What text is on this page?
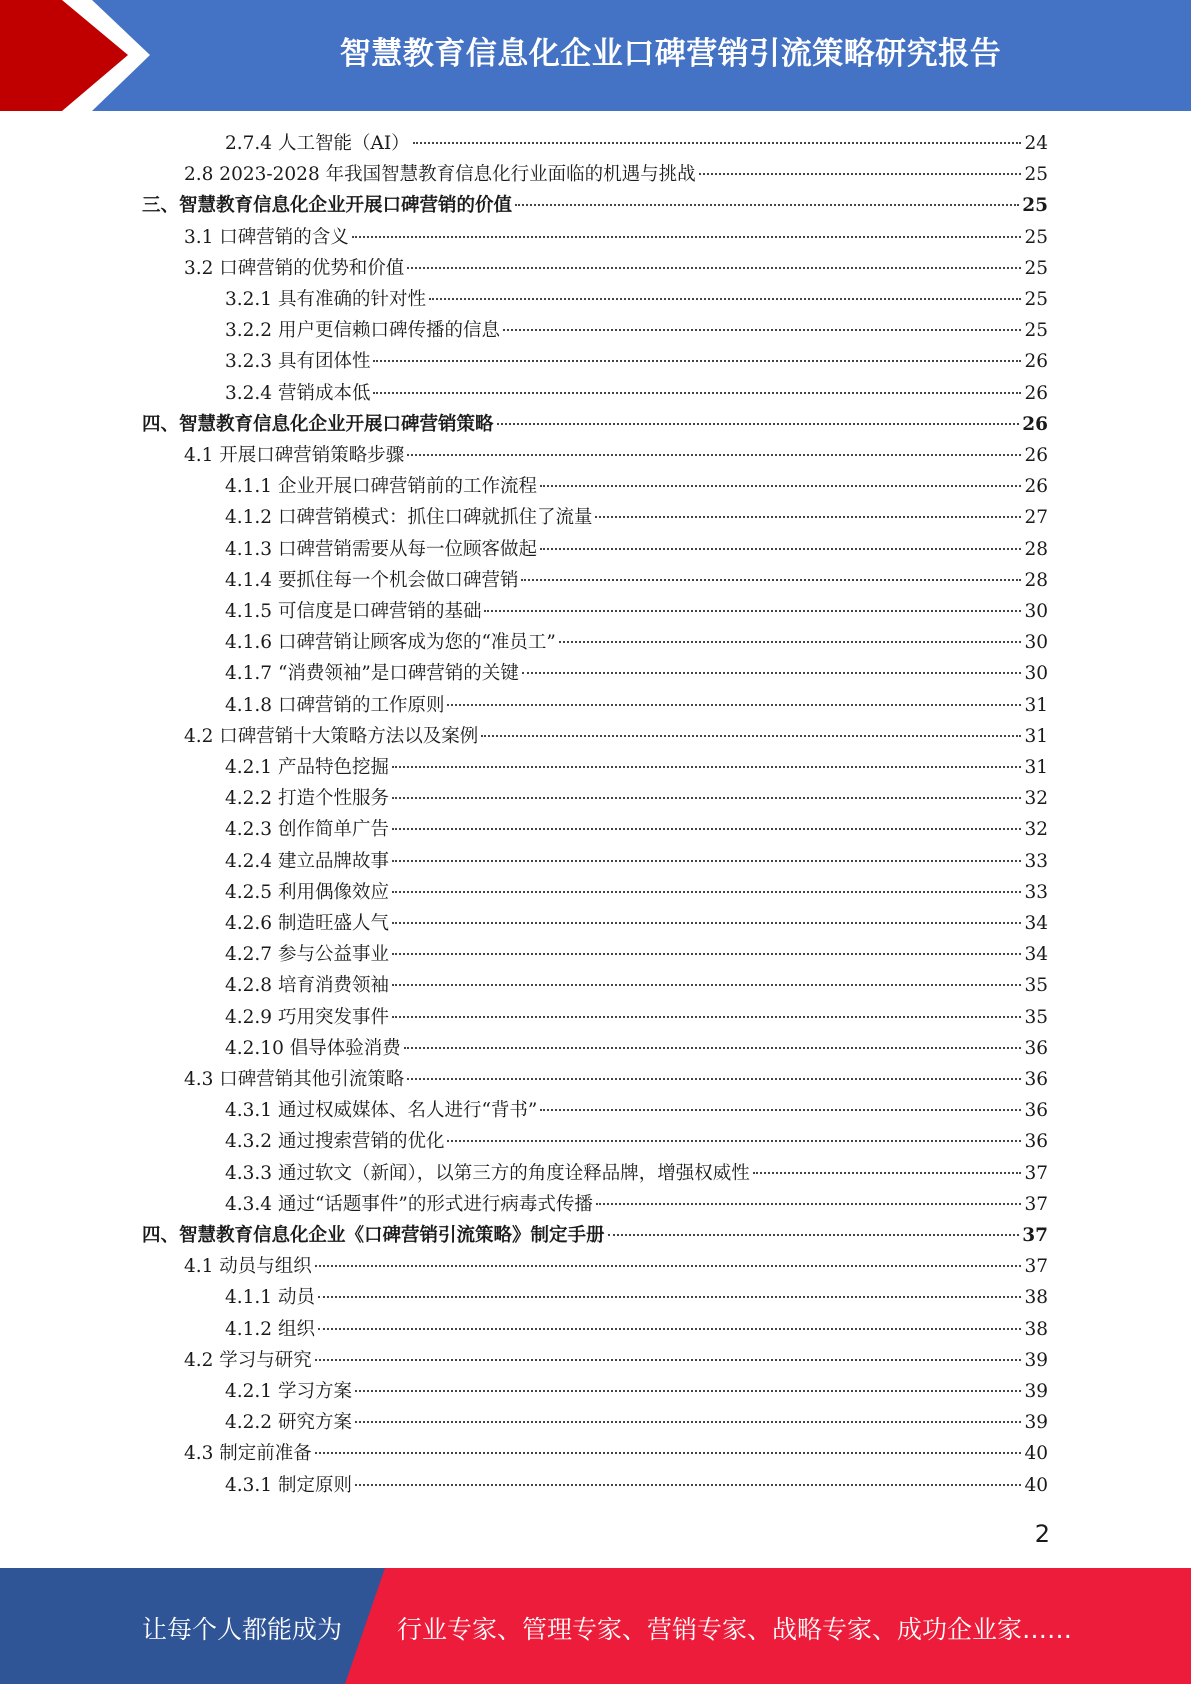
智慧教育信息化企业口碑营销引流策略研究报告
2.7.4 人工智能（AI）	24
2.8 2023-2028 年我国智慧教育信息化行业面临的机遇与挑战	25
三、智慧教育信息化企业开展口碑营销的价值	25
3.1 口碑营销的含义	25
3.2 口碑营销的优势和价值	25
3.2.1 具有准确的针对性	25
3.2.2 用户更信赖口碑传播的信息	25
3.2.3 具有团体性	26
3.2.4 营销成本低	26
四、智慧教育信息化企业开展口碑营销策略	26
4.1 开展口碑营销策略步骤	26
4.1.1 企业开展口碑营销前的工作流程	26
4.1.2 口碑营销模式：抓住口碑就抓住了流量	27
4.1.3 口碑营销需要从每一位顾客做起	28
4.1.4 要抓住每一个机会做口碑营销	28
4.1.5 可信度是口碑营销的基础	30
4.1.6 口碑营销让顾客成为您的“准员工”	30
4.1.7 “消费领袖”是口碑营销的关键	30
4.1.8 口碑营销的工作原则	31
4.2 口碑营销十大策略方法以及案例	31
4.2.1 产品特色挖掘	31
4.2.2 打造个性服务	32
4.2.3 创作简单广告	32
4.2.4 建立品牌故事	33
4.2.5 利用偶像效应	33
4.2.6 制造旺盛人气	34
4.2.7 参与公益事业	34
4.2.8 培育消费领袖	35
4.2.9 巧用突发事件	35
4.2.10 倡导体验消费	36
4.3 口碑营销其他引流策略	36
4.3.1 通过权威媒体、名人进行“背书”	36
4.3.2 通过搜索营销的优化	36
4.3.3 通过软文（新闻），以第三方的角度诠释品牌，增强权威性	37
4.3.4 通过“话题事件”的形式进行病毒式传播	37
四、智慧教育信息化企业《口碑营销引流策略》制定手册	37
4.1 动员与组织	37
4.1.1 动员	38
4.1.2 组织	38
4.2 学习与研究	39
4.2.1 学习方案	39
4.2.2 研究方案	39
4.3 制定前准备	40
4.3.1 制定原则	40
2
让每个人都能成为 行业专家、管理专家、营销专家、战略专家、成功企业家……
